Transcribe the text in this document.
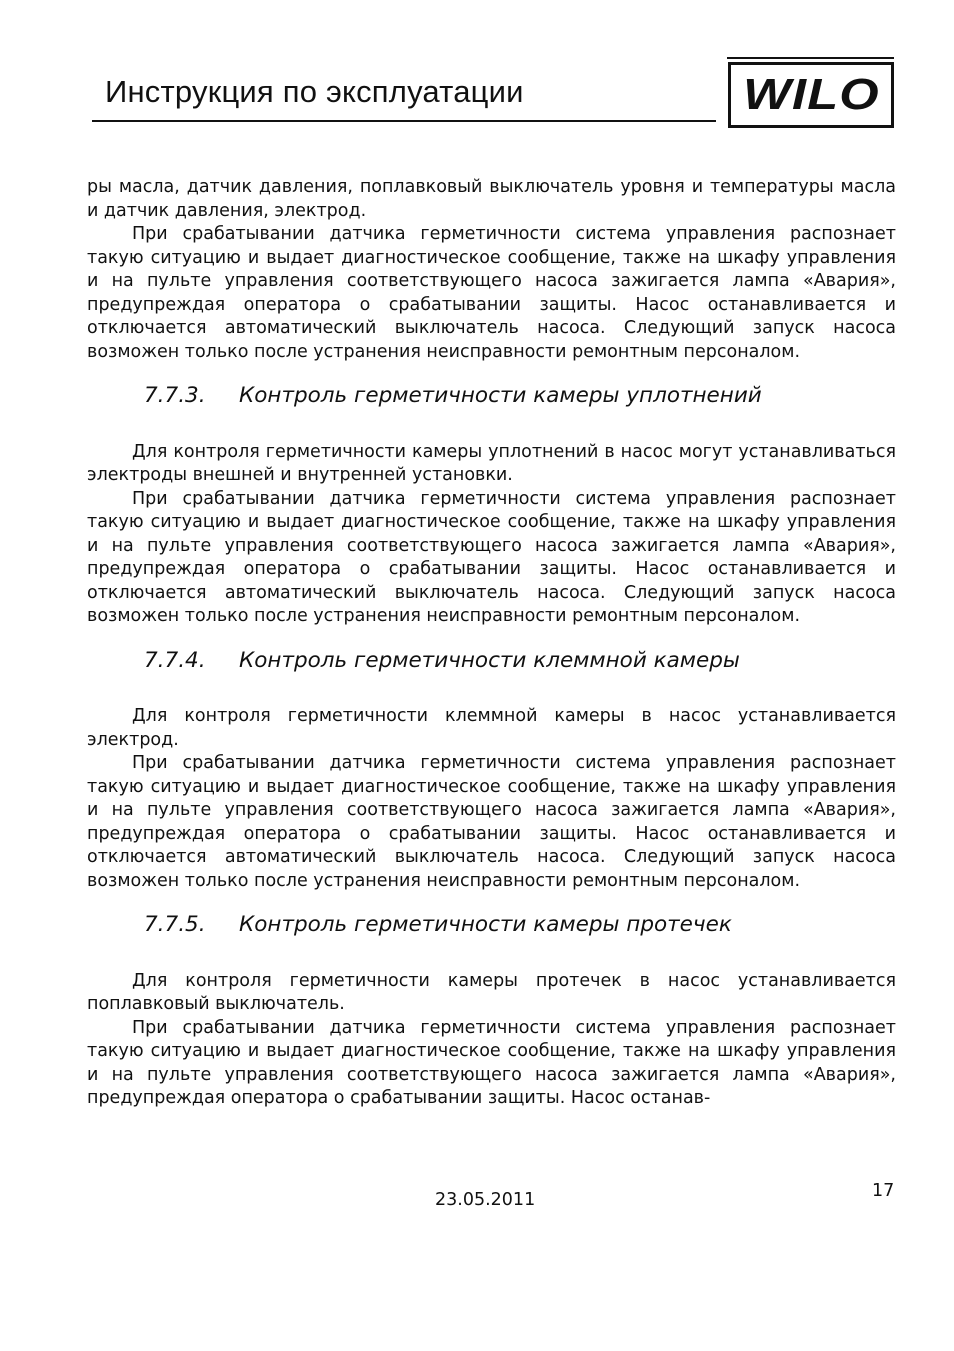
Инструкция по эксплуатации	WILO

ры масла, датчик давления, поплавковый выключатель уровня и температуры масла и датчик давления, электрод.

При срабатывании датчика герметичности система управления распознает такую ситуацию и выдает диагностическое сообщение, также на шкафу управления и на пульте управления соответствующего насоса зажигается лампа «Авария», предупреждая оператора о срабатывании защиты. Насос останавливается и отключается автоматический выключатель насоса. Следующий запуск насоса возможен только после устранения неисправности ремонтным персоналом.

7.7.3. Контроль герметичности камеры уплотнений

Для контроля герметичности камеры уплотнений в насос могут устанавливаться электроды внешней и внутренней установки.

При срабатывании датчика герметичности система управления распознает такую ситуацию и выдает диагностическое сообщение, также на шкафу управления и на пульте управления соответствующего насоса зажигается лампа «Авария», предупреждая оператора о срабатывании защиты. Насос останавливается и отключается автоматический выключатель насоса. Следующий запуск насоса возможен только после устранения неисправности ремонтным персоналом.

7.7.4. Контроль герметичности клеммной камеры

Для контроля герметичности клеммной камеры в насос устанавливается электрод.

При срабатывании датчика герметичности система управления распознает такую ситуацию и выдает диагностическое сообщение, также на шкафу управления и на пульте управления соответствующего насоса зажигается лампа «Авария», предупреждая оператора о срабатывании защиты. Насос останавливается и отключается автоматический выключатель насоса. Следующий запуск насоса возможен только после устранения неисправности ремонтным персоналом.

7.7.5. Контроль герметичности камеры протечек

Для контроля герметичности камеры протечек в насос устанавливается поплавковый выключатель.

При срабатывании датчика герметичности система управления распознает такую ситуацию и выдает диагностическое сообщение, также на шкафу управления и на пульте управления соответствующего насоса зажигается лампа «Авария», предупреждая оператора о срабатывании защиты. Насос останав-

17
23.05.2011
